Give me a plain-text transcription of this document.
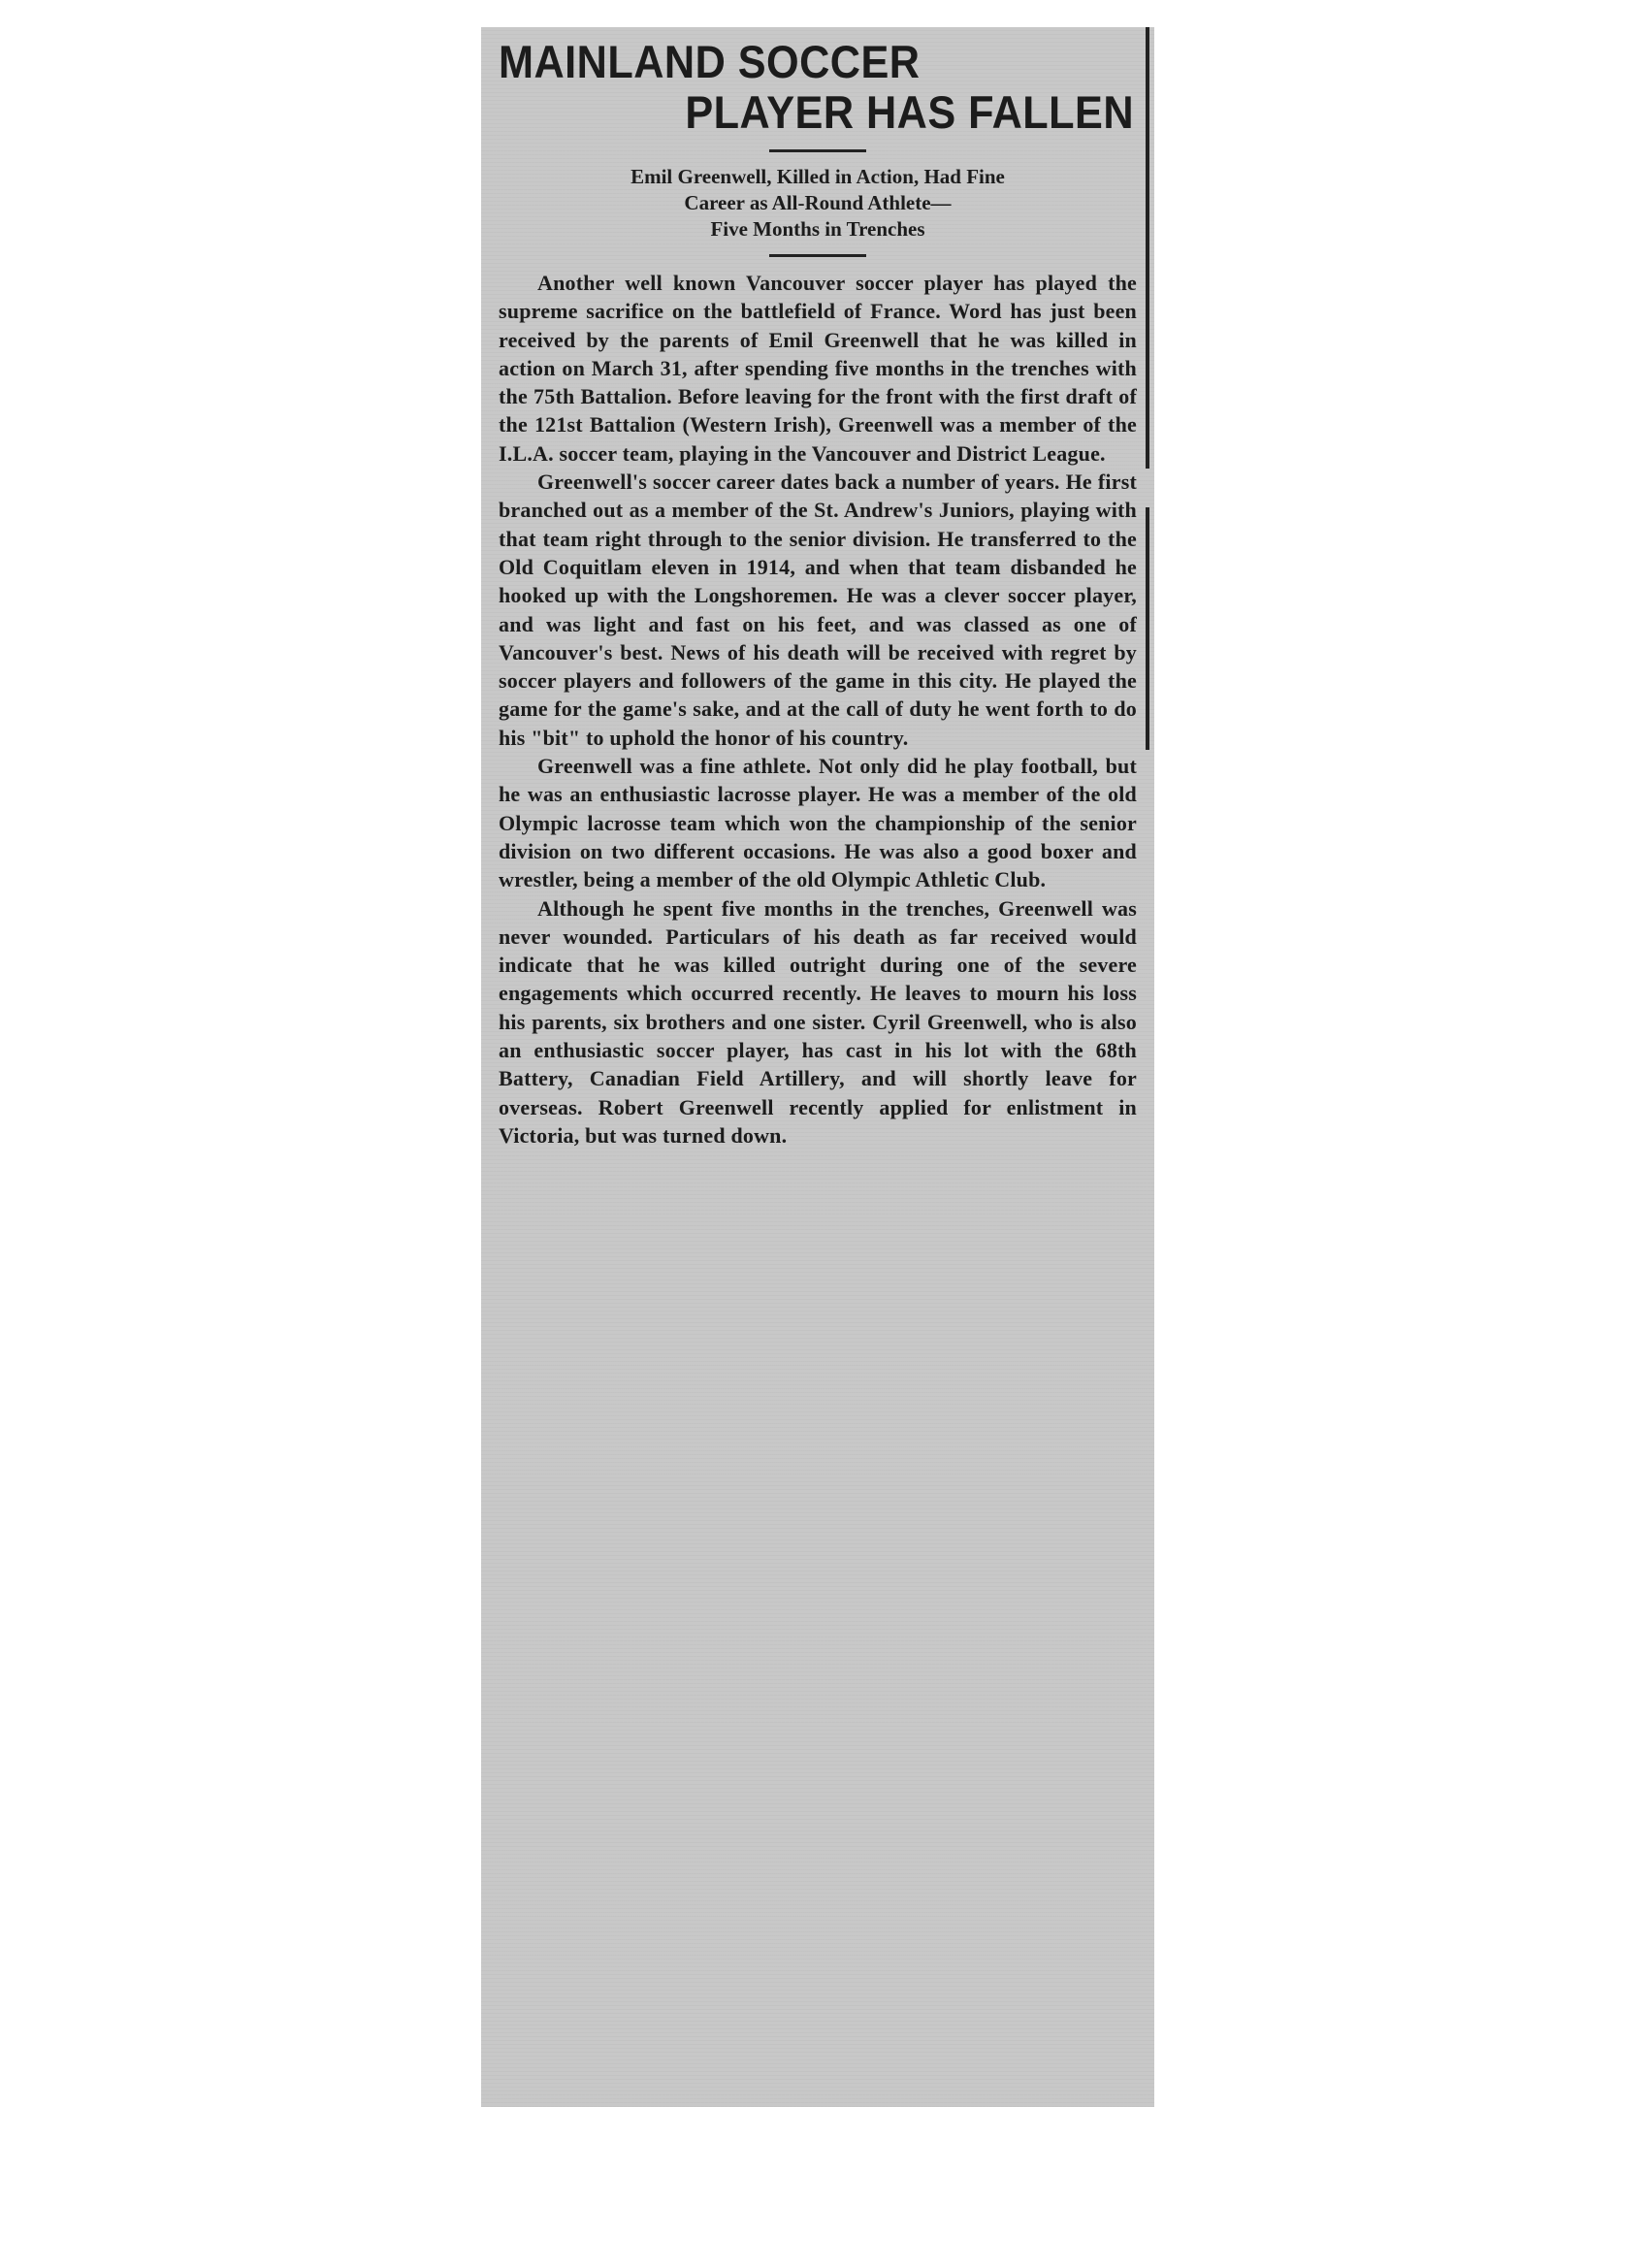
MAINLAND SOCCER
PLAYER HAS FALLEN
Emil Greenwell, Killed in Action, Had Fine
Career as All-Round Athlete—
Five Months in Trenches

Another well known Vancouver soccer player has played the supreme sacrifice on the battlefield of France. Word has just been received by the parents of Emil Greenwell that he was killed in action on March 31, after spending five months in the trenches with the 75th Battalion. Before leaving for the front with the first draft of the 121st Battalion (Western Irish), Greenwell was a member of the I.L.A. soccer team, playing in the Vancouver and District League.

Greenwell's soccer career dates back a number of years. He first branched out as a member of the St. Andrew's Juniors, playing with that team right through to the senior division. He transferred to the Old Coquitlam eleven in 1914, and when that team disbanded he hooked up with the Longshoremen. He was a clever soccer player, and was light and fast on his feet, and was classed as one of Vancouver's best. News of his death will be received with regret by soccer players and followers of the game in this city. He played the game for the game's sake, and at the call of duty he went forth to do his "bit" to uphold the honor of his country.

Greenwell was a fine athlete. Not only did he play football, but he was an enthusiastic lacrosse player. He was a member of the old Olympic lacrosse team which won the championship of the senior division on two different occasions. He was also a good boxer and wrestler, being a member of the old Olympic Athletic Club.

Although he spent five months in the trenches, Greenwell was never wounded. Particulars of his death as far received would indicate that he was killed outright during one of the severe engagements which occurred recently. He leaves to mourn his loss his parents, six brothers and one sister. Cyril Greenwell, who is also an enthusiastic soccer player, has cast in his lot with the 68th Battery, Canadian Field Artillery, and will shortly leave for overseas. Robert Greenwell recently applied for enlistment in Victoria, but was turned down.
